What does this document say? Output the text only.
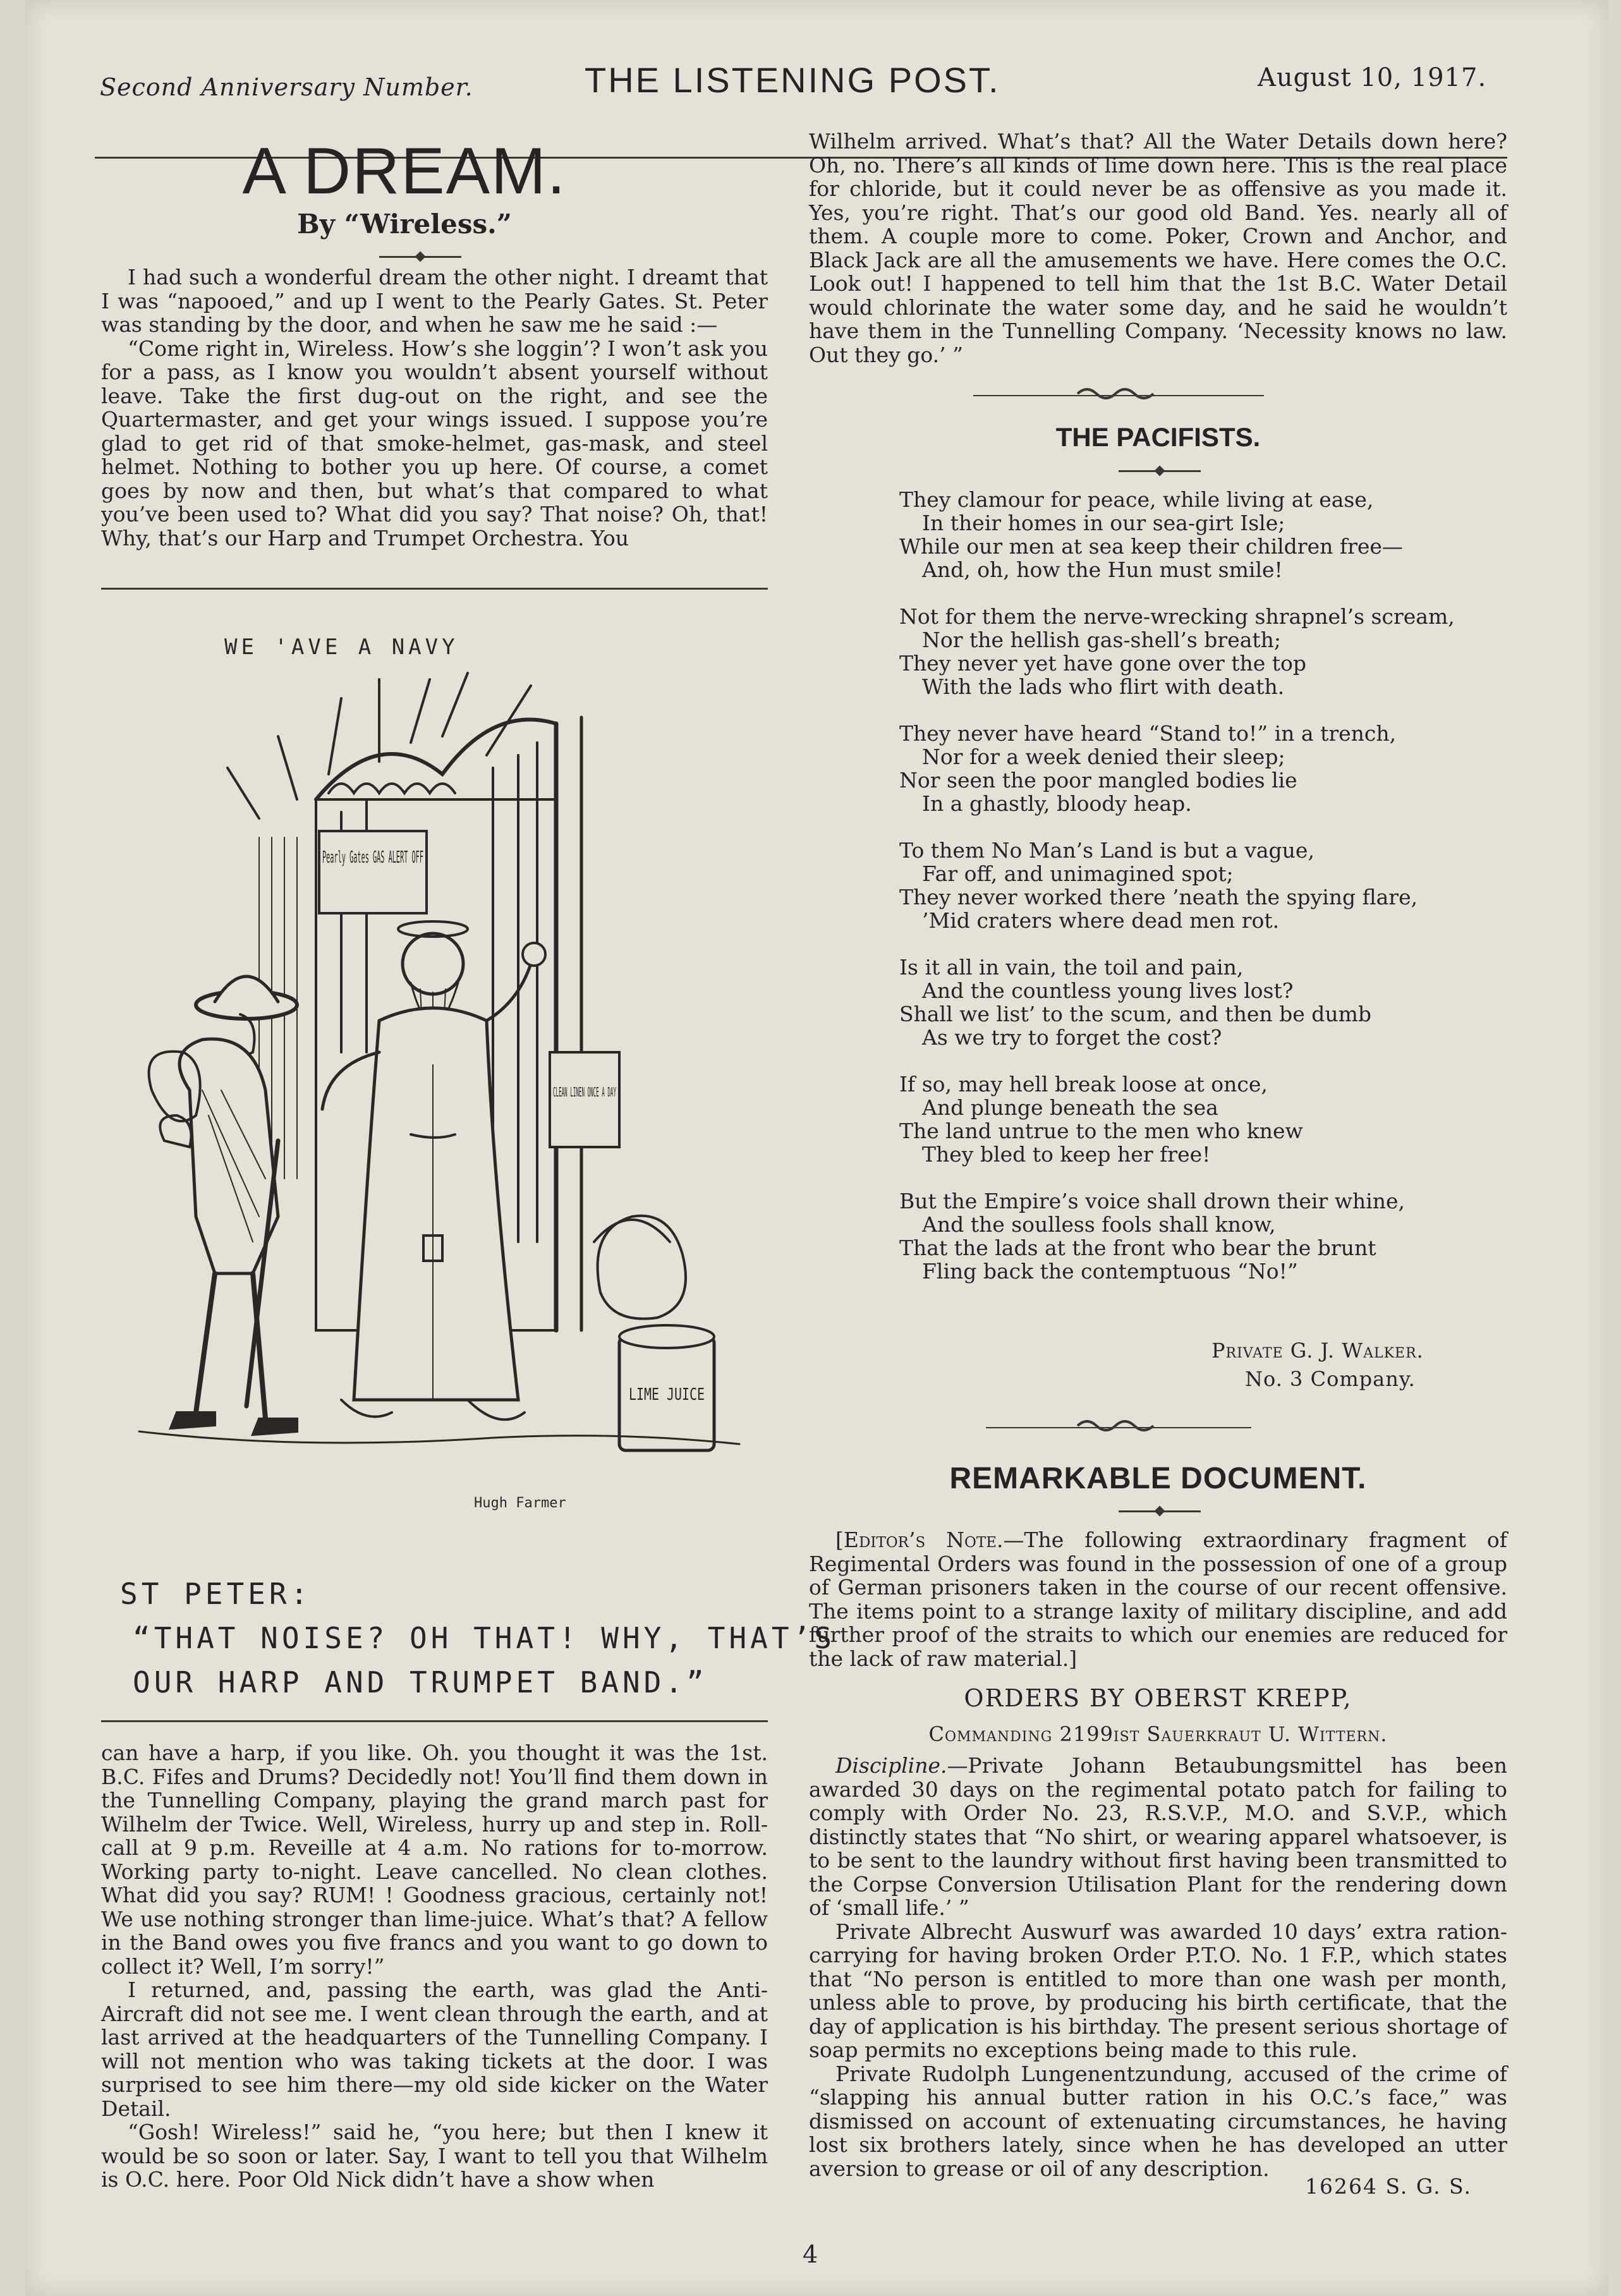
Second Anniversary Number.	THE LISTENING POST.	August 10, 1917.
A DREAM.
By “Wireless.”

I had such a wonderful dream the other night. I dreamt that I was “napooed,” and up I went to the Pearly Gates. St. Peter was standing by the door, and when he saw me he said :—

“Come right in, Wireless. How’s she loggin’? I won’t ask you for a pass, as I know you wouldn’t absent yourself without leave. Take the first dug-out on the right, and see the Quartermaster, and get your wings issued. I suppose you’re glad to get rid of that smoke-helmet, gas-mask, and steel helmet. Nothing to bother you up here. Of course, a comet goes by now and then, but what’s that compared to what you’ve been used to? What did you say? That noise? Oh, that! Why, that’s our Harp and Trumpet Orchestra. You

WE 'AVE A NAVY
Pearly Gates GAS ALERT OFF
CLEAN LINEN ONCE A DAY
LIME JUICE
Hugh Farmer
ST PETER:
“THAT NOISE? OH THAT! WHY, THAT’S
OUR HARP AND TRUMPET BAND.”

can have a harp, if you like. Oh. you thought it was the 1st. B.C. Fifes and Drums? Decidedly not! You’ll find them down in the Tunnelling Company, playing the grand march past for Wilhelm der Twice. Well, Wireless, hurry up and step in. Roll-call at 9 p.m. Reveille at 4 a.m. No rations for to-morrow. Working party to-night. Leave cancelled. No clean clothes. What did you say? RUM! ! Goodness gracious, certainly not! We use nothing stronger than lime-juice. What’s that? A fellow in the Band owes you five francs and you want to go down to collect it? Well, I’m sorry!”

I returned, and, passing the earth, was glad the Anti-Aircraft did not see me. I went clean through the earth, and at last arrived at the headquarters of the Tunnelling Company. I will not mention who was taking tickets at the door. I was surprised to see him there—my old side kicker on the Water Detail.

“Gosh! Wireless!” said he, “you here; but then I knew it would be so soon or later. Say, I want to tell you that Wilhelm is O.C. here. Poor Old Nick didn’t have a show when

Wilhelm arrived. What’s that? All the Water Details down here? Oh, no. There’s all kinds of lime down here. This is the real place for chloride, but it could never be as offensive as you made it. Yes, you’re right. That’s our good old Band. Yes. nearly all of them. A couple more to come. Poker, Crown and Anchor, and Black Jack are all the amusements we have. Here comes the O.C. Look out! I happened to tell him that the 1st B.C. Water Detail would chlorinate the water some day, and he said he wouldn’t have them in the Tunnelling Company. ‘Necessity knows no law. Out they go.’ ”

THE PACIFISTS.
They clamour for peace, while living at ease,
In their homes in our sea-girt Isle;
While our men at sea keep their children free—
And, oh, how the Hun must smile!
Not for them the nerve-wrecking shrapnel’s scream,
Nor the hellish gas-shell’s breath;
They never yet have gone over the top
With the lads who flirt with death.
They never have heard “Stand to!” in a trench,
Nor for a week denied their sleep;
Nor seen the poor mangled bodies lie
In a ghastly, bloody heap.
To them No Man’s Land is but a vague,
Far off, and unimagined spot;
They never worked there ’neath the spying flare,
’Mid craters where dead men rot.
Is it all in vain, the toil and pain,
And the countless young lives lost?
Shall we list’ to the scum, and then be dumb
As we try to forget the cost?
If so, may hell break loose at once,
And plunge beneath the sea
The land untrue to the men who knew
They bled to keep her free!
But the Empire’s voice shall drown their whine,
And the soulless fools shall know,
That the lads at the front who bear the brunt
Fling back the contemptuous “No!”
Private G. J. Walker.
No. 3 Company.
REMARKABLE DOCUMENT.

[Editor’s Note.—The following extraordinary fragment of Regimental Orders was found in the possession of one of a group of German prisoners taken in the course of our recent offensive. The items point to a strange laxity of military discipline, and add further proof of the straits to which our enemies are reduced for the lack of raw material.]

ORDERS BY OBERST KREPP,
Commanding 2199ist Sauerkraut U. Wittern.

Discipline.—Private Johann Betaubungsmittel has been awarded 30 days on the regimental potato patch for failing to comply with Order No. 23, R.S.V.P., M.O. and S.V.P., which distinctly states that “No shirt, or wearing apparel whatsoever, is to be sent to the laundry without first having been transmitted to the Corpse Conversion Utilisation Plant for the rendering down of ‘small life.’ ”

Private Albrecht Auswurf was awarded 10 days’ extra ration-carrying for having broken Order P.T.O. No. 1 F.P., which states that “No person is entitled to more than one wash per month, unless able to prove, by producing his birth certificate, that the day of application is his birthday. The present serious shortage of soap permits no exceptions being made to this rule.

Private Rudolph Lungenentzundung, accused of the crime of “slapping his annual butter ration in his O.C.’s face,” was dismissed on account of extenuating circumstances, he having lost six brothers lately, since when he has developed an utter aversion to grease or oil of any description.

16264 S. G. S.
4
